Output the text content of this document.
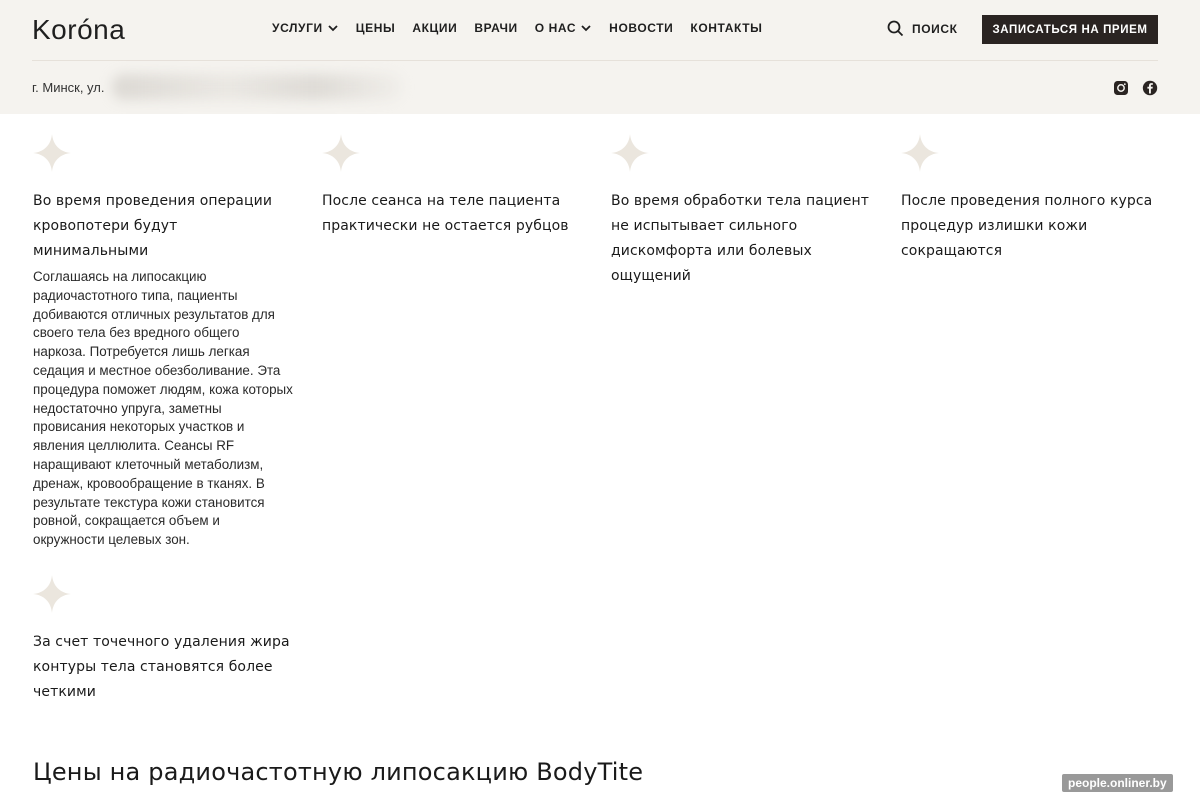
Koróna	УСЛУГИ	ЦЕНЫ АКЦИИ ВРАЧИ О НАС	НОВОСТИ КОНТАКТЫ	ПОИСК	ЗАПИСАТЬСЯ НА ПРИЕМ
г. Минск, ул.
Во время проведения операции кровопотери будут минимальными
Соглашаясь на липосакцию радиочастотного типа, пациенты добиваются отличных результатов для своего тела без вредного общего наркоза. Потребуется лишь легкая седация и местное обезболивание. Эта процедура поможет людям, кожа которых недостаточно упруга, заметны провисания некоторых участков и явления целлюлита. Сеансы RF наращивают клеточный метаболизм, дренаж, кровообращение в тканях. В результате текстура кожи становится ровной, сокращается объем и окружности целевых зон.
После сеанса на теле пациента практически не остается рубцов
Во время обработки тела пациент не испытывает сильного дискомфорта или болевых ощущений
После проведения полного курса процедур излишки кожи сокращаются
За счет точечного удаления жира контуры тела становятся более четкими
Цены на радиочастотную липосакцию BodyTite	people.onliner.by
